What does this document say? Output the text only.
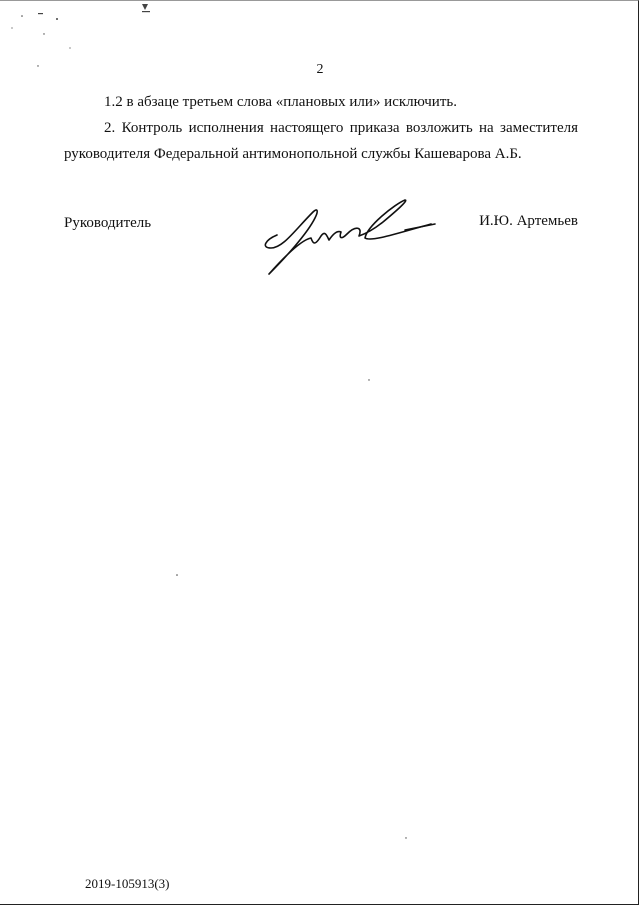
2

1.2 в абзаце третьем слова «плановых или» исключить.

2. Контроль исполнения настоящего приказа возложить на заместителя руководителя Федеральной антимонопольной службы Кашеварова А.Б.

Руководитель	И.Ю. Артемьев
2019-105913(3)
